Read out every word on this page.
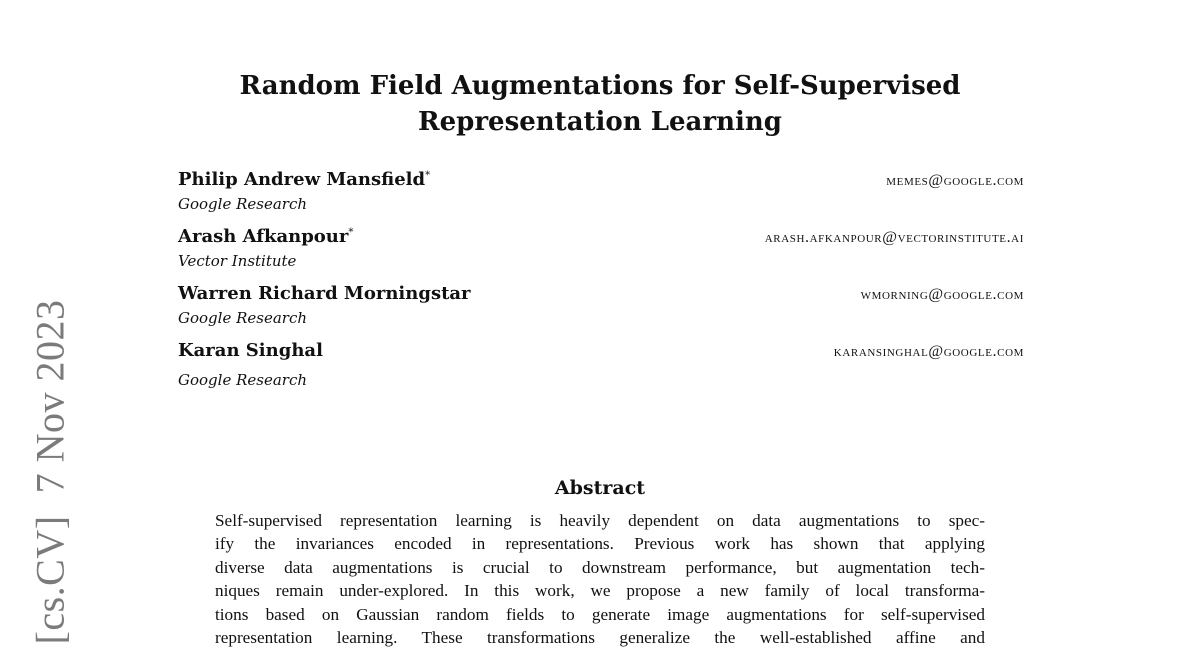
[cs.CV]7 Nov 2023
Random Field Augmentations for Self-Supervised
Representation Learning
Philip Andrew Mansfield*
Google Research
memes@google.com
Arash Afkanpour*
Vector Institute
arash.afkanpour@vectorinstitute.ai
Warren Richard Morningstar
Google Research
wmorning@google.com
Karan Singhal
Google Research
karansinghal@google.com
Abstract
Self-supervised representation learning is heavily dependent on data augmentations to spec-
ify the invariances encoded in representations. Previous work has shown that applying
diverse data augmentations is crucial to downstream performance, but augmentation tech-
niques remain under-explored. In this work, we propose a new family of local transforma-
tions based on Gaussian random fields to generate image augmentations for self-supervised
representation learning. These transformations generalize the well-established affine and
